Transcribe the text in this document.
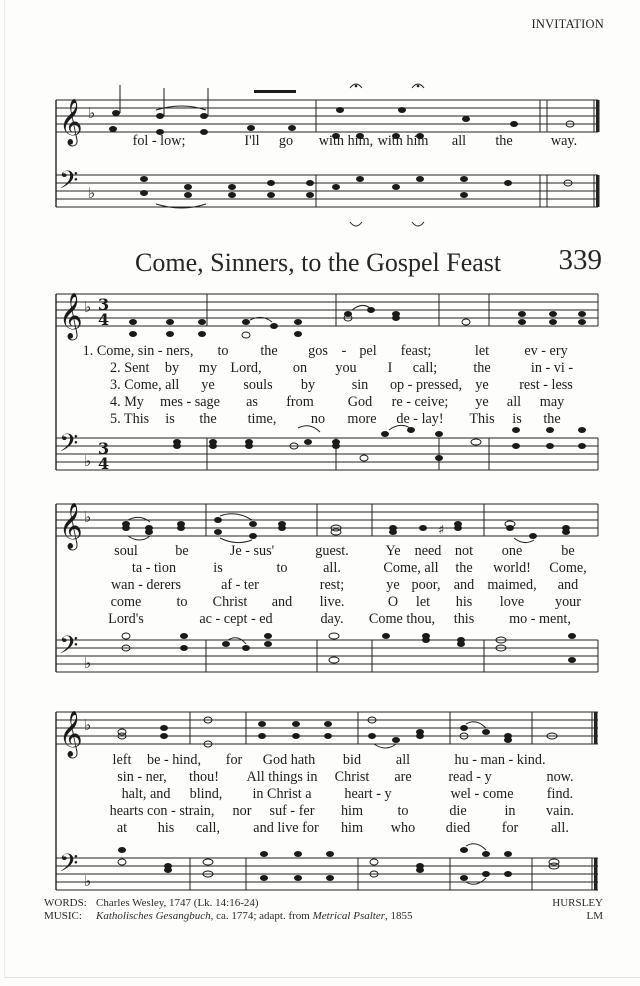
INVITATION
𝄞
𝄢
♭
♭
fol - low;	I'll go with him, with him all the	way.
Come, Sinners, to the Gospel Feast 339
𝄞
𝄢
♭
♭
3
4
3
4
1. Come, sin - ners, to the gos - pel feast;	let ev - ery
2. Sent by my Lord, on you I call;	the	in - vi -
3. Come, all ye souls by	sin op - pressed, ye rest - less
4. My mes - sage as from God re - ceive; ye all may
5. This is the time, no more de - lay! This is the
𝄞
𝄢
♭
♭
♯
soul	be	Je - sus'	guest.	Ye need not one	be
ta - tion	is	to	all.	Come, all the world! Come,
wan - derers	af - ter	rest;	ye poor, and maimed, and
come to Christ and live.	O let his love your
Lord's	ac - cept - ed	day. Come thou, this mo - ment,
𝄞
𝄢
♭
♭
left be - hind, for God hath bid all	hu - man - kind.
sin - ner, thou! All things in Christ are	read - y	now.
halt, and blind, in Christ a heart - y	wel - come find.
hearts con - strain, nor suf - fer him to	die	in vain.
at his call, and live for him who died for all.
WORDS: Charles Wesley, 1747 (Lk. 14:16-24)
MUSIC: Katholisches Gesangbuch, ca. 1774; adapt. from Metrical Psalter, 1855
HURSLEY
LM
